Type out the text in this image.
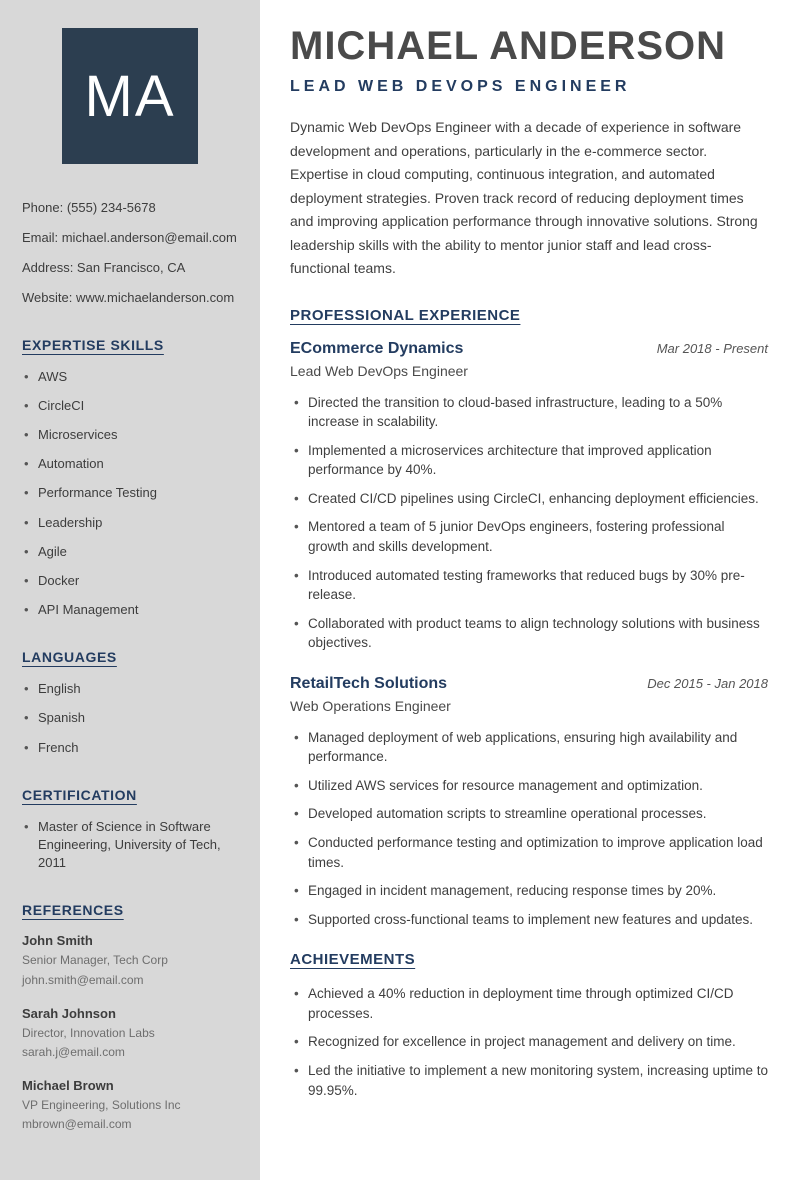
MA

Phone: (555) 234-5678

Email: michael.anderson@email.com

Address: San Francisco, CA

Website: www.michaelanderson.com

EXPERTISE SKILLS
• AWS
• CircleCI
• Microservices
• Automation
• Performance Testing
• Leadership
• Agile
• Docker
• API Management
LANGUAGES
• English
• Spanish
• French
CERTIFICATION
• Master of Science in Software Engineering, University of Tech, 2011
REFERENCES
John Smith
Senior Manager, Tech Corp
john.smith@email.com
Sarah Johnson
Director, Innovation Labs
sarah.j@email.com
Michael Brown
VP Engineering, Solutions Inc
mbrown@email.com
MICHAEL ANDERSON
LEAD WEB DEVOPS ENGINEER

Dynamic Web DevOps Engineer with a decade of experience in software development and operations, particularly in the e-commerce sector. Expertise in cloud computing, continuous integration, and automated deployment strategies. Proven track record of reducing deployment times and improving application performance through innovative solutions. Strong leadership skills with the ability to mentor junior staff and lead cross-functional teams.

PROFESSIONAL EXPERIENCE
ECommerce Dynamics	Mar 2018 - Present
Lead Web DevOps Engineer
• Directed the transition to cloud-based infrastructure, leading to a 50% increase in scalability.
• Implemented a microservices architecture that improved application performance by 40%.
• Created CI/CD pipelines using CircleCI, enhancing deployment efficiencies.
• Mentored a team of 5 junior DevOps engineers, fostering professional growth and skills development.
• Introduced automated testing frameworks that reduced bugs by 30% pre-release.
• Collaborated with product teams to align technology solutions with business objectives.
RetailTech Solutions	Dec 2015 - Jan 2018
Web Operations Engineer
• Managed deployment of web applications, ensuring high availability and performance.
• Utilized AWS services for resource management and optimization.
• Developed automation scripts to streamline operational processes.
• Conducted performance testing and optimization to improve application load times.
• Engaged in incident management, reducing response times by 20%.
• Supported cross-functional teams to implement new features and updates.
ACHIEVEMENTS
• Achieved a 40% reduction in deployment time through optimized CI/CD processes.
• Recognized for excellence in project management and delivery on time.
• Led the initiative to implement a new monitoring system, increasing uptime to 99.95%.
